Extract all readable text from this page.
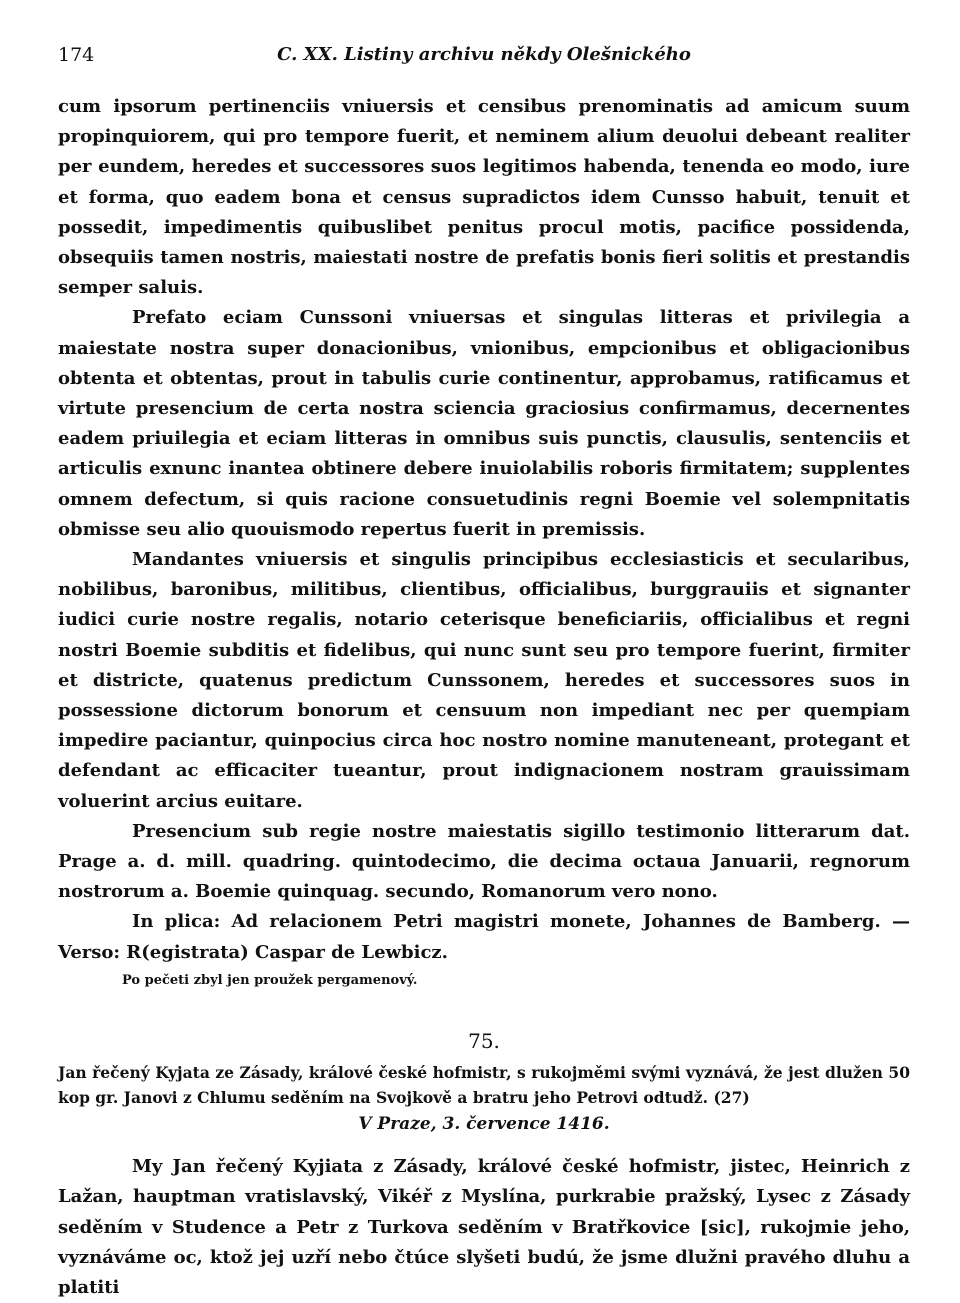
174	C. XX. Listiny archivu někdy Olešnického

cum ipsorum pertinenciis vniuersis et censibus prenominatis ad amicum suum propinquiorem, qui pro tempore fuerit, et neminem alium deuolui debeant realiter per eundem, heredes et successores suos legitimos habenda, tenenda eo modo, iure et forma, quo eadem bona et census supradictos idem Cunsso habuit, tenuit et possedit, impedimentis quibuslibet penitus procul motis, pacifice possidenda, obsequiis tamen nostris, maiestati nostre de prefatis bonis fieri solitis et prestandis semper saluis.

Prefato eciam Cunssoni vniuersas et singulas litteras et privilegia a maiestate nostra super donacionibus, vnionibus, empcionibus et obligacionibus obtenta et obtentas, prout in tabulis curie continentur, approbamus, ratificamus et virtute presencium de certa nostra sciencia graciosius confirmamus, decernentes eadem priuilegia et eciam litteras in omnibus suis punctis, clausulis, sentenciis et articulis exnunc inantea obtinere debere inuiolabilis roboris firmitatem; supplentes omnem defectum, si quis racione consuetudinis regni Boemie vel solempnitatis obmisse seu alio quouismodo repertus fuerit in premissis.

Mandantes vniuersis et singulis principibus ecclesiasticis et secularibus, nobilibus, baronibus, militibus, clientibus, officialibus, burggrauiis et signanter iudici curie nostre regalis, notario ceterisque beneficiariis, officialibus et regni nostri Boemie subditis et fidelibus, qui nunc sunt seu pro tempore fuerint, firmiter et districte, quatenus predictum Cunssonem, heredes et successores suos in possessione dictorum bonorum et censuum non impediant nec per quempiam impedire paciantur, quinpocius circa hoc nostro nomine manuteneant, protegant et defendant ac efficaciter tueantur, prout indignacionem nostram grauissimam voluerint arcius euitare.

Presencium sub regie nostre maiestatis sigillo testimonio litterarum dat. Prage a. d. mill. quadring. quintodecimo, die decima octaua Januarii, regnorum nostrorum a. Boemie quinquag. secundo, Romanorum vero nono.

In plica: Ad relacionem Petri magistri monete, Johannes de Bamberg. — Verso: R(egistrata) Caspar de Lewbicz.

Po pečeti zbyl jen proužek pergamenový.

75.

Jan řečený Kyjata ze Zásady, králové české hofmistr, s rukojměmi svými vyznává, že jest dlužen 50 kop gr. Janovi z Chlumu seděním na Svojkově a bratru jeho Petrovi odtudž. (27)

V Praze, 3. července 1416.

My Jan řečený Kyjiata z Zásady, králové české hofmistr, jistec, Heinrich z Lažan, hauptman vratislavský, Vikéř z Myslína, purkrabie pražský, Lysec z Zásady seděním v Studence a Petr z Turkova seděním v Bratřkovice [sic], rukojmie jeho, vyznáváme oc, ktož jej uzří nebo čtúce slyšeti budú, že jsme dlužni pravého dluhu a platiti
